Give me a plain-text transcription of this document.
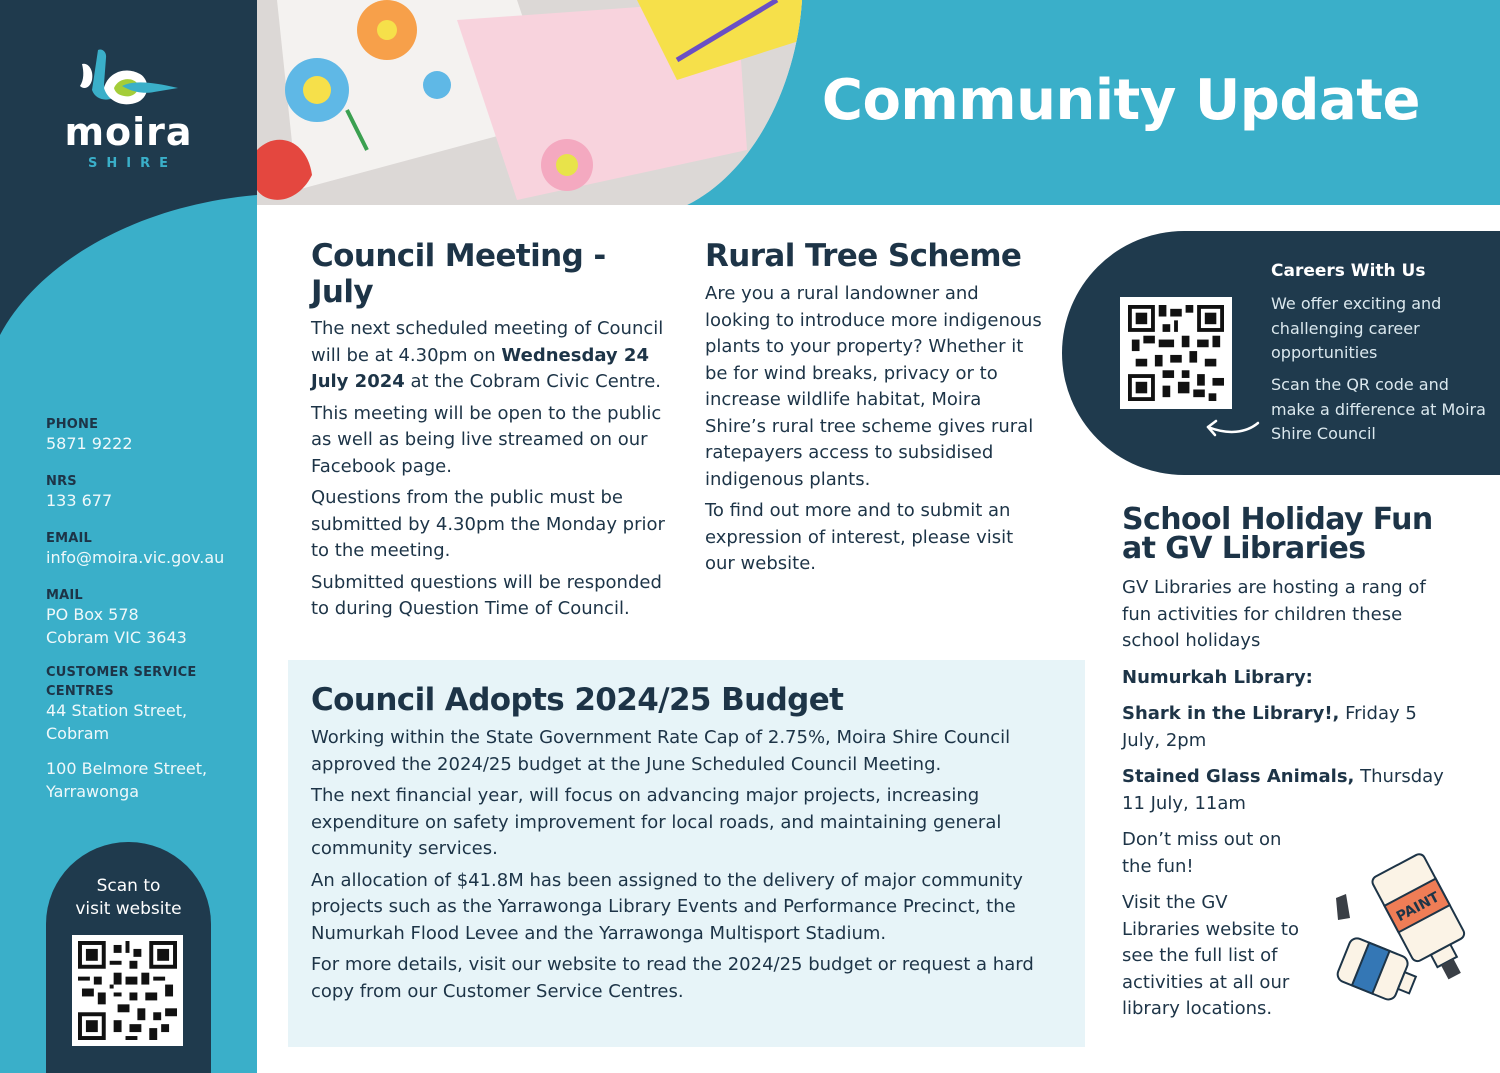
moira
SHIRE
PHONE
5871 9222
NRS
133 677
EMAIL
info@moira.vic.gov.au
MAIL
PO Box 578
Cobram VIC 3643
CUSTOMER SERVICE
CENTRES
44 Station Street,
Cobram
100 Belmore Street,
Yarrawonga
Scan to
visit website
Community Update
Council Meeting - July

The next scheduled meeting of Council will be at 4.30pm on Wednesday 24 July 2024 at the Cobram Civic Centre.

This meeting will be open to the public as well as being live streamed on our Facebook page.

Questions from the public must be submitted by 4.30pm the Monday prior to the meeting.

Submitted questions will be responded to during Question Time of Council.

Rural Tree Scheme

Are you a rural landowner and looking to introduce more indigenous plants to your property? Whether it be for wind breaks, privacy or to increase wildlife habitat, Moira Shire’s rural tree scheme gives rural ratepayers access to subsidised indigenous plants.

To find out more and to submit an expression of interest, please visit our website.

Council Adopts 2024/25 Budget

Working within the State Government Rate Cap of 2.75%, Moira Shire Council approved the 2024/25 budget at the June Scheduled Council Meeting.

The next financial year, will focus on advancing major projects, increasing expenditure on safety improvement for local roads, and maintaining general community services.

An allocation of $41.8M has been assigned to the delivery of major community projects such as the Yarrawonga Library Events and Performance Precinct, the Numurkah Flood Levee and the Yarrawonga Multisport Stadium.

For more details, visit our website to read the 2024/25 budget or request a hard copy from our Customer Service Centres.

Careers With Us
We offer exciting and challenging career opportunities
Scan the QR code and make a difference at Moira Shire Council
School Holiday Fun
at GV Libraries

GV Libraries are hosting a rang of fun activities for children these school holidays

Numurkah Library:

Shark in the Library!, Friday 5 July, 2pm

Stained Glass Animals, Thursday 11 July, 11am

Don’t miss out on the fun!

Visit the GV Libraries website to see the full list of activities at all our library locations.

PAINT
